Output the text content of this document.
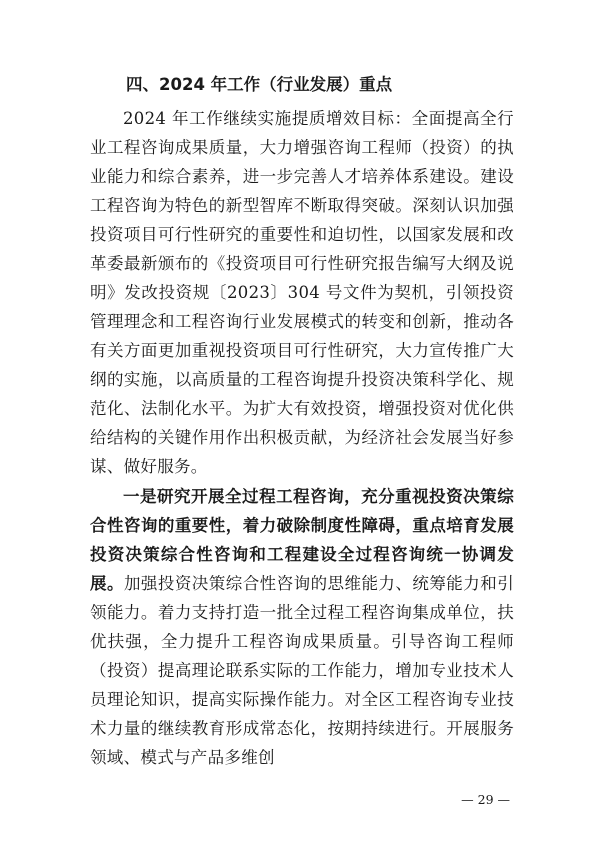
四、2024 年工作（行业发展）重点

2024 年工作继续实施提质增效目标：全面提高全行业工程咨询成果质量，大力增强咨询工程师（投资）的执业能力和综合素养，进一步完善人才培养体系建设。建设工程咨询为特色的新型智库不断取得突破。深刻认识加强投资项目可行性研究的重要性和迫切性，以国家发展和改革委最新颁布的《投资项目可行性研究报告编写大纲及说明》发改投资规〔2023〕304 号文件为契机，引领投资管理理念和工程咨询行业发展模式的转变和创新，推动各有关方面更加重视投资项目可行性研究，大力宣传推广大纲的实施，以高质量的工程咨询提升投资决策科学化、规范化、法制化水平。为扩大有效投资，增强投资对优化供给结构的关键作用作出积极贡献，为经济社会发展当好参谋、做好服务。

一是研究开展全过程工程咨询，充分重视投资决策综合性咨询的重要性，着力破除制度性障碍，重点培育发展投资决策综合性咨询和工程建设全过程咨询统一协调发展。加强投资决策综合性咨询的思维能力、统筹能力和引领能力。着力支持打造一批全过程工程咨询集成单位，扶优扶强，全力提升工程咨询成果质量。引导咨询工程师（投资）提高理论联系实际的工作能力，增加专业技术人员理论知识，提高实际操作能力。对全区工程咨询专业技术力量的继续教育形成常态化，按期持续进行。开展服务领域、模式与产品多维创

— 29 —
